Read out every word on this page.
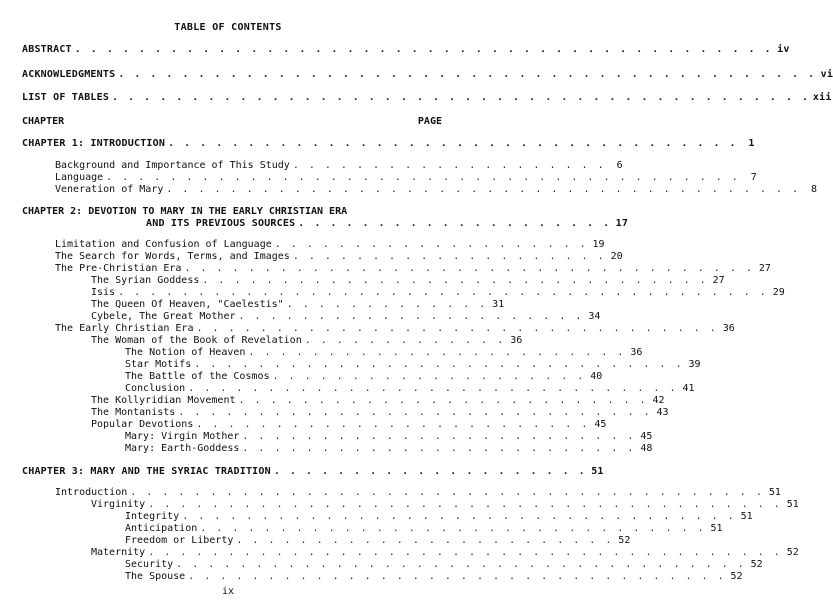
TABLE OF CONTENTS
ABSTRACT . . . . . . . . . . . . . . . . . . . . . . . . . . . . . . . . . . . . . . . . . . . . iv
ACKNOWLEDGMENTS . . . . . . . . . . . . . . . . . . . . . . . . . . . . . . . . . . . . . . . . . . . . vi
LIST OF TABLES . . . . . . . . . . . . . . . . . . . . . . . . . . . . . . . . . . . . . . . . . . . . xii
CHAPTER	PAGE
CHAPTER 1: INTRODUCTION . . . . . . . . . . . . . . . . . . . . . . . . . . . . . . . . . . . .	1
Background and Importance of This Study . . . . . . . . . . . . . . . . . . . .	6
Language . . . . . . . . . . . . . . . . . . . . . . . . . . . . . . . . . . . . . . . .	7
Veneration of Mary . . . . . . . . . . . . . . . . . . . . . . . . . . . . . . . . . . . . . . . .	8
CHAPTER 2: DEVOTION TO MARY IN THE EARLY CHRISTIAN ERA
AND ITS PREVIOUS SOURCES . . . . . . . . . . . . . . . . . . . . 17
Limitation and Confusion of Language . . . . . . . . . . . . . . . . . . . . 19
The Search for Words, Terms, and Images . . . . . . . . . . . . . . . . . . . . 20
The Pre-Christian Era . . . . . . . . . . . . . . . . . . . . . . . . . . . . . . . . . . . . 27
The Syrian Goddess . . . . . . . . . . . . . . . . . . . . . . . . . . . . . . . . 27
Isis . . . . . . . . . . . . . . . . . . . . . . . . . . . . . . . . . . . . . . . . . 29
The Queen Of Heaven, "Caelestis" . . . . . . . . . . . . . 31
Cybele, The Great Mother . . . . . . . . . . . . . . . . . . . . . . 34
The Early Christian Era . . . . . . . . . . . . . . . . . . . . . . . . . . . . . . . . . 36
The Woman of the Book of Revelation . . . . . . . . . . . . . 36
The Notion of Heaven . . . . . . . . . . . . . . . . . . . . . . . . 36
Star Motifs . . . . . . . . . . . . . . . . . . . . . . . . . . . . . . . 39
The Battle of the Cosmos . . . . . . . . . . . . . . . . . . . . 40
Conclusion . . . . . . . . . . . . . . . . . . . . . . . . . . . . . . . 41
The Kollyridian Movement . . . . . . . . . . . . . . . . . . . . . . . . . . 42
The Montanists . . . . . . . . . . . . . . . . . . . . . . . . . . . . . . 43
Popular Devotions . . . . . . . . . . . . . . . . . . . . . . . . . 45
Mary: Virgin Mother . . . . . . . . . . . . . . . . . . . . . . . . . 45
Mary: Earth-Goddess . . . . . . . . . . . . . . . . . . . . . . . . . 48
CHAPTER 3: MARY AND THE SYRIAC TRADITION . . . . . . . . . . . . . . . . . . . . 51
Introduction . . . . . . . . . . . . . . . . . . . . . . . . . . . . . . . . . . . . . . . . 51
Virginity . . . . . . . . . . . . . . . . . . . . . . . . . . . . . . . . . . . . . . . . 51
Integrity . . . . . . . . . . . . . . . . . . . . . . . . . . . . . . . . . . . 51
Anticipation . . . . . . . . . . . . . . . . . . . . . . . . . . . . . . . . 51
Freedom or Liberty . . . . . . . . . . . . . . . . . . . . . . . . 52
Maternity . . . . . . . . . . . . . . . . . . . . . . . . . . . . . . . . . . . . . . . . 52
Security . . . . . . . . . . . . . . . . . . . . . . . . . . . . . . . . . . . . 52
ix
The Spouse . . . . . . . . . . . . . . . . . . . . . . . . . . . . . . . . . . 52
